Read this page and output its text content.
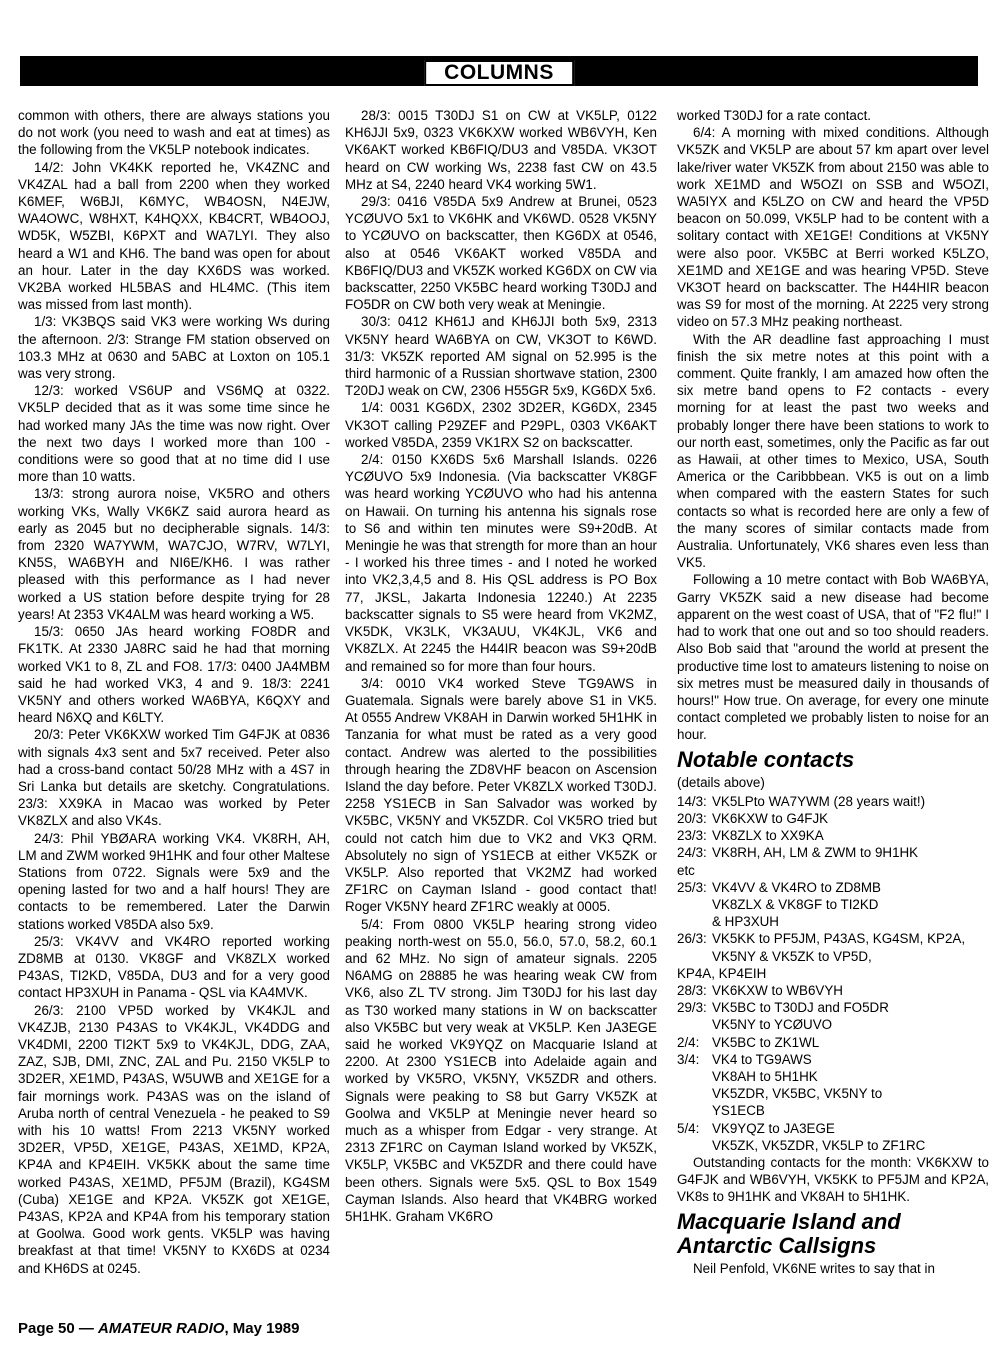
COLUMNS

common with others, there are always stations you do not work (you need to wash and eat at times) as the following from the VK5LP notebook indicates.

14/2: John VK4KK reported he, VK4ZNC and VK4ZAL had a ball from 2200 when they worked K6MEF, W6BJI, K6MYC, WB4OSN, N4EJW, WA4OWC, W8HXT, K4HQXX, KB4CRT, WB4OOJ, WD5K, W5ZBI, K6PXT and WA7LYI. They also heard a W1 and KH6. The band was open for about an hour. Later in the day KX6DS was worked. VK2BA worked HL5BAS and HL4MC. (This item was missed from last month).

1/3: VK3BQS said VK3 were working Ws during the afternoon. 2/3: Strange FM station observed on 103.3 MHz at 0630 and 5ABC at Loxton on 105.1 was very strong.

12/3: worked VS6UP and VS6MQ at 0322. VK5LP decided that as it was some time since he had worked many JAs the time was now right. Over the next two days I worked more than 100 - conditions were so good that at no time did I use more than 10 watts.

13/3: strong aurora noise, VK5RO and others working VKs, Wally VK6KZ said aurora heard as early as 2045 but no decipherable signals. 14/3: from 2320 WA7YWM, WA7CJO, W7RV, W7LYI, KN5S, WA6BYH and NI6E/KH6. I was rather pleased with this performance as I had never worked a US station before despite trying for 28 years! At 2353 VK4ALM was heard working a W5.

15/3: 0650 JAs heard working FO8DR and FK1TK. At 2330 JA8RC said he had that morning worked VK1 to 8, ZL and FO8. 17/3: 0400 JA4MBM said he had worked VK3, 4 and 9. 18/3: 2241 VK5NY and others worked WA6BYA, K6QXY and heard N6XQ and K6LTY.

20/3: Peter VK6KXW worked Tim G4FJK at 0836 with signals 4x3 sent and 5x7 received. Peter also had a cross-band contact 50/28 MHz with a 4S7 in Sri Lanka but details are sketchy. Congratulations. 23/3: XX9KA in Macao was worked by Peter VK8ZLX and also VK4s.

24/3: Phil YBØARA working VK4. VK8RH, AH, LM and ZWM worked 9H1HK and four other Maltese Stations from 0722. Signals were 5x9 and the opening lasted for two and a half hours! They are contacts to be remembered. Later the Darwin stations worked V85DA also 5x9.

25/3: VK4VV and VK4RO reported working ZD8MB at 0130. VK8GF and VK8ZLX worked P43AS, TI2KD, V85DA, DU3 and for a very good contact HP3XUH in Panama - QSL via KA4MVK.

26/3: 2100 VP5D worked by VK4KJL and VK4ZJB, 2130 P43AS to VK4KJL, VK4DDG and VK4DMI, 2200 TI2KT 5x9 to VK4KJL, DDG, ZAA, ZAZ, SJB, DMI, ZNC, ZAL and Pu. 2150 VK5LP to 3D2ER, XE1MD, P43AS, W5UWB and XE1GE for a fair mornings work. P43AS was on the island of Aruba north of central Venezuela - he peaked to S9 with his 10 watts! From 2213 VK5NY worked 3D2ER, VP5D, XE1GE, P43AS, XE1MD, KP2A, KP4A and KP4EIH. VK5KK about the same time worked P43AS, XE1MD, PF5JM (Brazil), KG4SM (Cuba) XE1GE and KP2A. VK5ZK got XE1GE, P43AS, KP2A and KP4A from his temporary station at Goolwa. Good work gents. VK5LP was having breakfast at that time! VK5NY to KX6DS at 0234 and KH6DS at 0245.

28/3: 0015 T30DJ S1 on CW at VK5LP, 0122 KH6JJI 5x9, 0323 VK6KXW worked WB6VYH, Ken VK6AKT worked KB6FIQ/DU3 and V85DA. VK3OT heard on CW working Ws, 2238 fast CW on 43.5 MHz at S4, 2240 heard VK4 working 5W1.

29/3: 0416 V85DA 5x9 Andrew at Brunei, 0523 YCØUVO 5x1 to VK6HK and VK6WD. 0528 VK5NY to YCØUVO on backscatter, then KG6DX at 0546, also at 0546 VK6AKT worked V85DA and KB6FIQ/DU3 and VK5ZK worked KG6DX on CW via backscatter, 2250 VK5BC heard working T30DJ and FO5DR on CW both very weak at Meningie.

30/3: 0412 KH61J and KH6JJI both 5x9, 2313 VK5NY heard WA6BYA on CW, VK3OT to K6WD. 31/3: VK5ZK reported AM signal on 52.995 is the third harmonic of a Russian shortwave station, 2300 T20DJ weak on CW, 2306 H55GR 5x9, KG6DX 5x6.

1/4: 0031 KG6DX, 2302 3D2ER, KG6DX, 2345 VK3OT calling P29ZEF and P29PL, 0303 VK6AKT worked V85DA, 2359 VK1RX S2 on backscatter.

2/4: 0150 KX6DS 5x6 Marshall Islands. 0226 YCØUVO 5x9 Indonesia. (Via backscatter VK8GF was heard working YCØUVO who had his antenna on Hawaii. On turning his antenna his signals rose to S6 and within ten minutes were S9+20dB. At Meningie he was that strength for more than an hour - I worked his three times - and I noted he worked into VK2,3,4,5 and 8. His QSL address is PO Box 77, JKSL, Jakarta Indonesia 12240.) At 2235 backscatter signals to S5 were heard from VK2MZ, VK5DK, VK3LK, VK3AUU, VK4KJL, VK6 and VK8ZLX. At 2245 the H44IR beacon was S9+20dB and remained so for more than four hours.

3/4: 0010 VK4 worked Steve TG9AWS in Guatemala. Signals were barely above S1 in VK5. At 0555 Andrew VK8AH in Darwin worked 5H1HK in Tanzania for what must be rated as a very good contact. Andrew was alerted to the possibilities through hearing the ZD8VHF beacon on Ascension Island the day before. Peter VK8ZLX worked T30DJ. 2258 YS1ECB in San Salvador was worked by VK5BC, VK5NY and VK5ZDR. Col VK5RO tried but could not catch him due to VK2 and VK3 QRM. Absolutely no sign of YS1ECB at either VK5ZK or VK5LP. Also reported that VK2MZ had worked ZF1RC on Cayman Island - good contact that! Roger VK5NY heard ZF1RC weakly at 0005.

5/4: From 0800 VK5LP hearing strong video peaking north-west on 55.0, 56.0, 57.0, 58.2, 60.1 and 62 MHz. No sign of amateur signals. 2205 N6AMG on 28885 he was hearing weak CW from VK6, also ZL TV strong. Jim T30DJ for his last day as T30 worked many stations in W on backscatter also VK5BC but very weak at VK5LP. Ken JA3EGE said he worked VK9YQZ on Macquarie Island at 2200. At 2300 YS1ECB into Adelaide again and worked by VK5RO, VK5NY, VK5ZDR and others. Signals were peaking to S8 but Garry VK5ZK at Goolwa and VK5LP at Meningie never heard so much as a whisper from Edgar - very strange. At 2313 ZF1RC on Cayman Island worked by VK5ZK, VK5LP, VK5BC and VK5ZDR and there could have been others. Signals were 5x5. QSL to Box 1549 Cayman Islands. Also heard that VK4BRG worked 5H1HK. Graham VK6RO

worked T30DJ for a rate contact.

6/4: A morning with mixed conditions. Although VK5ZK and VK5LP are about 57 km apart over level lake/river water VK5ZK from about 2150 was able to work XE1MD and W5OZI on SSB and W5OZI, WA5IYX and K5LZO on CW and heard the VP5D beacon on 50.099, VK5LP had to be content with a solitary contact with XE1GE! Conditions at VK5NY were also poor. VK5BC at Berri worked K5LZO, XE1MD and XE1GE and was hearing VP5D. Steve VK3OT heard on backscatter. The H44HIR beacon was S9 for most of the morning. At 2225 very strong video on 57.3 MHz peaking northeast.

With the AR deadline fast approaching I must finish the six metre notes at this point with a comment. Quite frankly, I am amazed how often the six metre band opens to F2 contacts - every morning for at least the past two weeks and probably longer there have been stations to work to our north east, sometimes, only the Pacific as far out as Hawaii, at other times to Mexico, USA, South America or the Caribbbean. VK5 is out on a limb when compared with the eastern States for such contacts so what is recorded here are only a few of the many scores of similar contacts made from Australia. Unfortunately, VK6 shares even less than VK5.

Following a 10 metre contact with Bob WA6BYA, Garry VK5ZK said a new disease had become apparent on the west coast of USA, that of "F2 flu!" I had to work that one out and so too should readers. Also Bob said that "around the world at present the productive time lost to amateurs listening to noise on six metres must be measured daily in thousands of hours!" How true. On average, for every one minute contact completed we probably listen to noise for an hour.

Notable contacts
(details above)
14/3: VK5LPto WA7YWM (28 years wait!)
20/3: VK6KXW to G4FJK
23/3: VK8ZLX to XX9KA
24/3: VK8RH, AH, LM & ZWM to 9H1HK
etc
25/3: VK4VV & VK4RO to ZD8MB
VK8ZLX & VK8GF to TI2KD
& HP3XUH
26/3: VK5KK to PF5JM, P43AS, KG4SM, KP2A, VK5NY & VK5ZK to VP5D,
KP4A, KP4EIH
28/3: VK6KXW to WB6VYH
29/3: VK5BC to T30DJ and FO5DR
VK5NY to YCØUVO
2/4: VK5BC to ZK1WL
3/4: VK4 to TG9AWS
VK8AH to 5H1HK
VK5ZDR, VK5BC, VK5NY to
YS1ECB
5/4: VK9YQZ to JA3EGE
VK5ZK, VK5ZDR, VK5LP to ZF1RC

Outstanding contacts for the month: VK6KXW to G4FJK and WB6VYH, VK5KK to PF5JM and KP2A, VK8s to 9H1HK and VK8AH to 5H1HK.

Macquarie Island and Antarctic Callsigns

Neil Penfold, VK6NE writes to say that in

Page 50 — AMATEUR RADIO, May 1989
